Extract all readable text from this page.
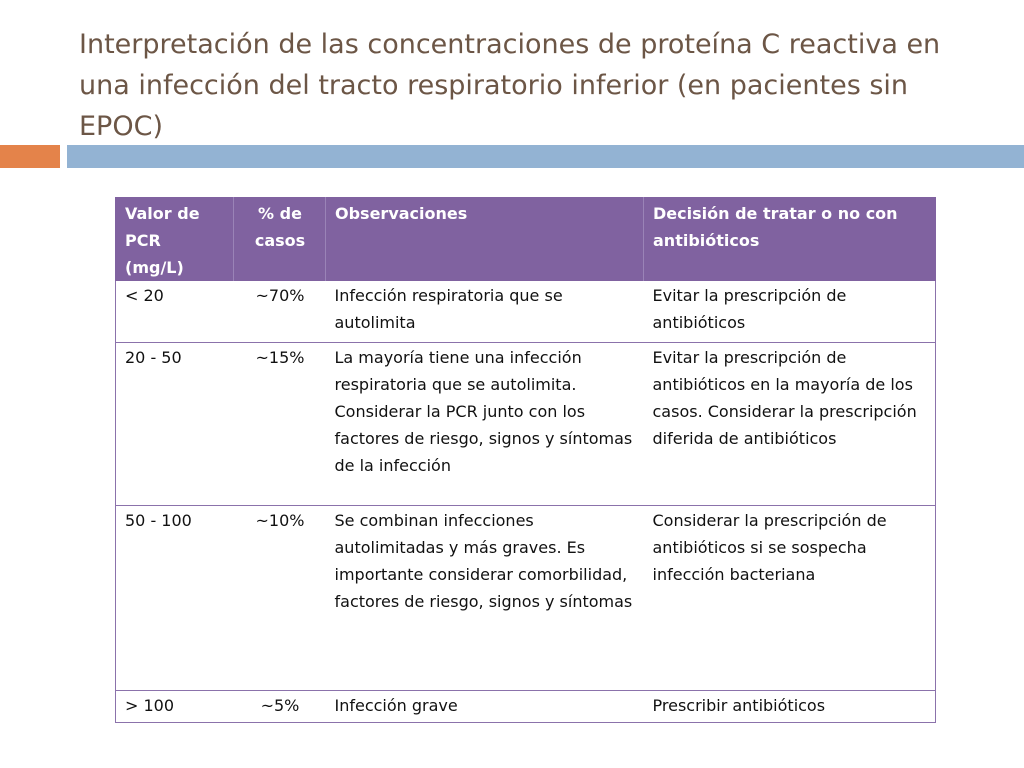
Interpretación de las concentraciones de proteína C reactiva en una infección del tracto respiratorio inferior (en pacientes sin EPOC)
Valor de PCR (mg/L)	% de casos	Observaciones	Decisión de tratar o no con antibióticos
< 20	~70%	Infección respiratoria que se autolimita	Evitar la prescripción de antibióticos
20 - 50	~15%	La mayoría tiene una infección respiratoria que se autolimita. Considerar la PCR junto con los factores de riesgo, signos y síntomas de la infección	Evitar la prescripción de antibióticos en la mayoría de los casos. Considerar la prescripción diferida de antibióticos
50 - 100	~10%	Se combinan infecciones autolimitadas y más graves. Es importante considerar comorbilidad, factores de riesgo, signos y síntomas	Considerar la prescripción de antibióticos si se sospecha infección bacteriana
> 100	~5%	Infección grave	Prescribir antibióticos
